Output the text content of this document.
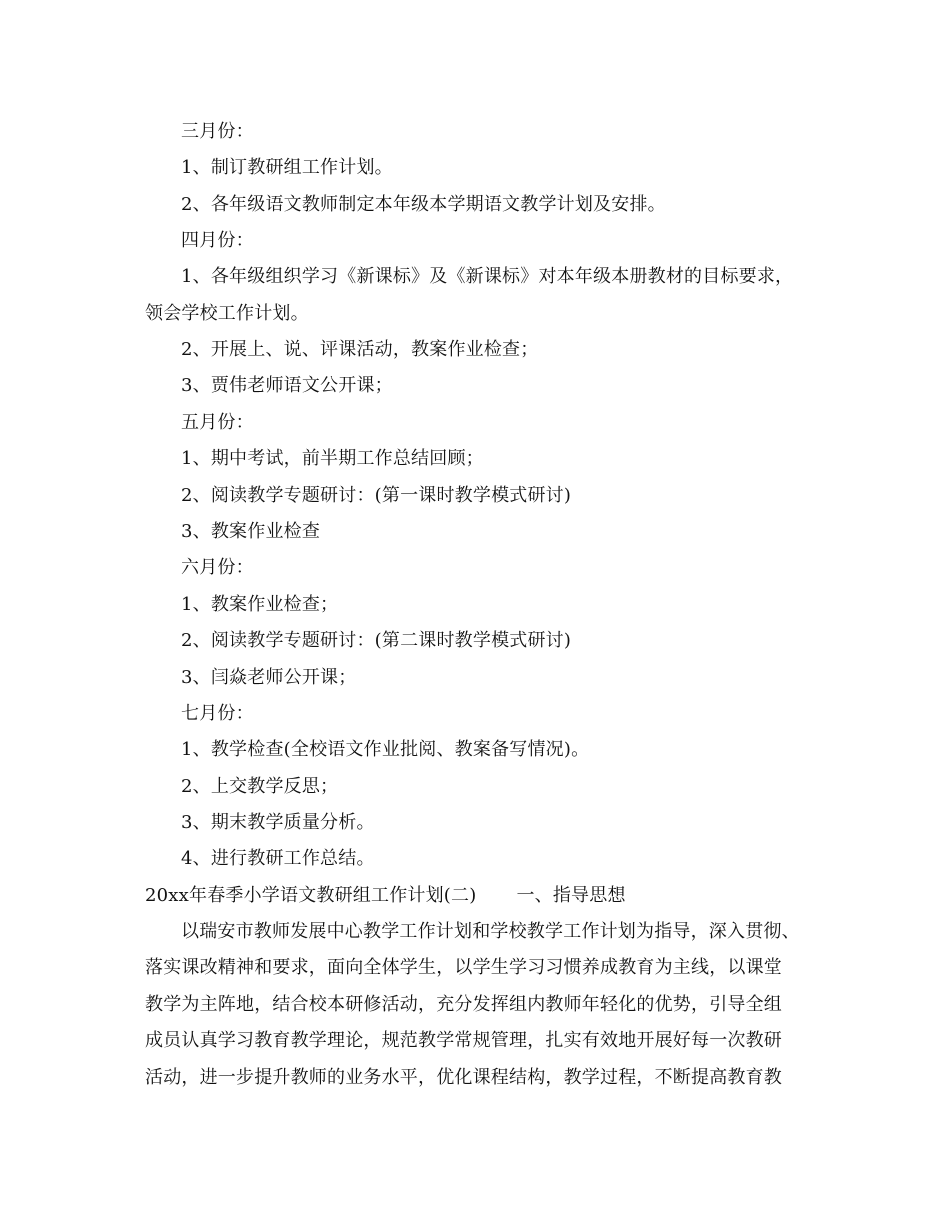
三月份：
1、制订教研组工作计划。
2、各年级语文教师制定本年级本学期语文教学计划及安排。
四月份：
1、各年级组织学习《新课标》及《新课标》对本年级本册教材的目标要求，
领会学校工作计划。
2、开展上、说、评课活动，教案作业检查；
3、贾伟老师语文公开课；
五月份：
1、期中考试，前半期工作总结回顾；
2、阅读教学专题研讨：(第一课时教学模式研讨)
3、教案作业检查
六月份：
1、教案作业检查；
2、阅读教学专题研讨：(第二课时教学模式研讨)
3、闫焱老师公开课；
七月份：
1、教学检查(全校语文作业批阅、教案备写情况)。
2、上交教学反思；
3、期末教学质量分析。
4、进行教研工作总结。
20xx年春季小学语文教研组工作计划(二) 一、指导思想
以瑞安市教师发展中心教学工作计划和学校教学工作计划为指导，深入贯彻、
落实课改精神和要求，面向全体学生，以学生学习习惯养成教育为主线，以课堂
教学为主阵地，结合校本研修活动，充分发挥组内教师年轻化的优势，引导全组
成员认真学习教育教学理论，规范教学常规管理，扎实有效地开展好每一次教研
活动，进一步提升教师的业务水平，优化课程结构，教学过程，不断提高教育教
